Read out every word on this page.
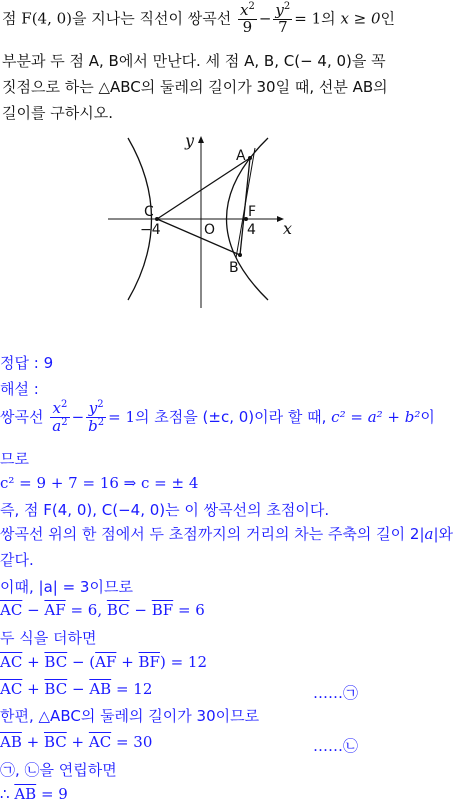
점 F(4, 0)을 지나는 직선이 쌍곡선 $\frac{x^2}{9} - \frac{y^2}{7} = 1$의 x ≥ 0인
부분과 두 점 A, B에서 만난다. 세 점 A, B, C(− 4, 0)을 꼭
짓점으로 하는 △ABC의 둘레의 길이가 30일 때, 선분 AB의
길이를 구하시오.
y
x
A
B
C	F
O
−4	4
정답 : 9
해설 :
쌍곡선 $\frac{x^2}{a^2} - \frac{y^2}{b^2} = 1$의 초점을 (±c, 0)이라 할 때, c² = a² + b²이
므로
c² = 9 + 7 = 16 ⇒ c = ± 4
즉, 점 F(4, 0), C(−4, 0)는 이 쌍곡선의 초점이다.
쌍곡선 위의 한 점에서 두 초점까지의 거리의 차는 주축의 길이 2|a|와
같다.
이때, |a| = 3이므로
$\overline{AC} - \overline{AF} = 6$, $\overline{BC} - \overline{BF} = 6$
두 식을 더하면
$\overline{AC} + \overline{BC} - (\overline{AF} + \overline{BF}) = 12$
$\overline{AC} + \overline{BC} - \overline{AB} = 12$	……㉠
한편, △ABC의 둘레의 길이가 30이므로
$\overline{AB} + \overline{BC} + \overline{AC} = 30$	……㉡
㉠, ㉡을 연립하면
∴ $\overline{AB} = 9$
